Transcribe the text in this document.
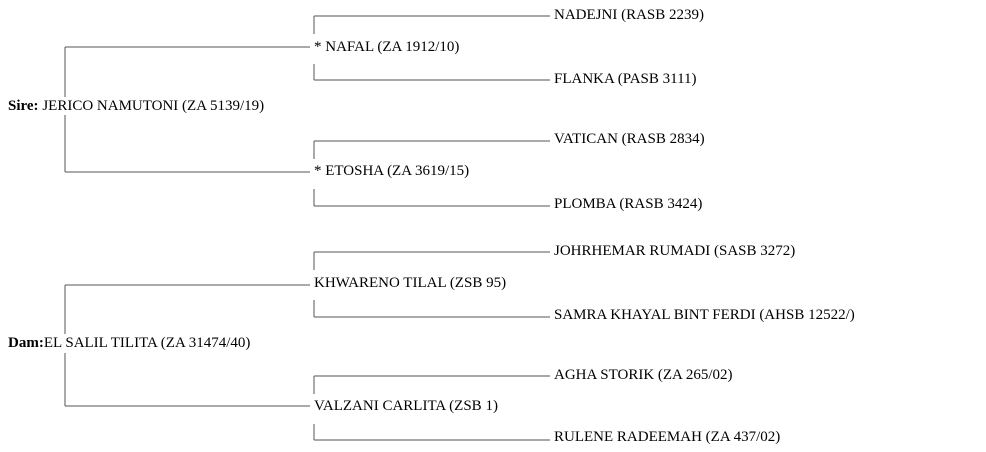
NADEJNI (RASB 2239)
* NAFAL (ZA 1912/10)
FLANKA (PASB 3111)
Sire: JERICO NAMUTONI (ZA 5139/19)
VATICAN (RASB 2834)
* ETOSHA (ZA 3619/15)
PLOMBA (RASB 3424)
JOHRHEMAR RUMADI (SASB 3272)
KHWARENO TILAL (ZSB 95)
SAMRA KHAYAL BINT FERDI (AHSB 12522/)
Dam:EL SALIL TILITA (ZA 31474/40)
AGHA STORIK (ZA 265/02)
VALZANI CARLITA (ZSB 1)
RULENE RADEEMAH (ZA 437/02)
